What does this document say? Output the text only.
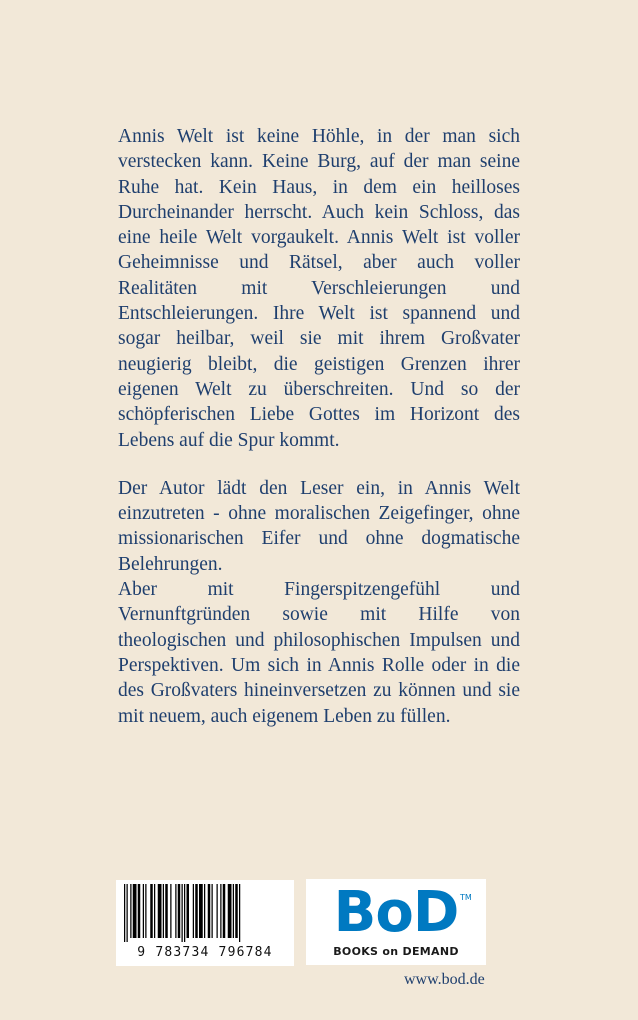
Annis Welt ist keine Höhle, in der man sich
verstecken kann. Keine Burg, auf der man seine
Ruhe hat. Kein Haus, in dem ein heilloses
Durcheinander herrscht. Auch kein Schloss, das
eine heile Welt vorgaukelt. Annis Welt ist voller
Geheimnisse und Rätsel, aber auch voller
Realitäten mit Verschleierungen und
Entschleierungen. Ihre Welt ist spannend und
sogar heilbar, weil sie mit ihrem Großvater
neugierig bleibt, die geistigen Grenzen ihrer
eigenen Welt zu überschreiten. Und so der
schöpferischen Liebe Gottes im Horizont des
Lebens auf die Spur kommt.
Der Autor lädt den Leser ein, in Annis Welt
einzutreten - ohne moralischen Zeigefinger, ohne
missionarischen Eifer und ohne dogmatische
Belehrungen.
Aber mit Fingerspitzengefühl und
Vernunftgründen sowie mit Hilfe von
theologischen und philosophischen Impulsen und
Perspektiven. Um sich in Annis Rolle oder in die
des Großvaters hineinversetzen zu können und sie
mit neuem, auch eigenem Leben zu füllen.
9 783734 796784
BoD TM
BOOKS on DEMAND
www.bod.de
